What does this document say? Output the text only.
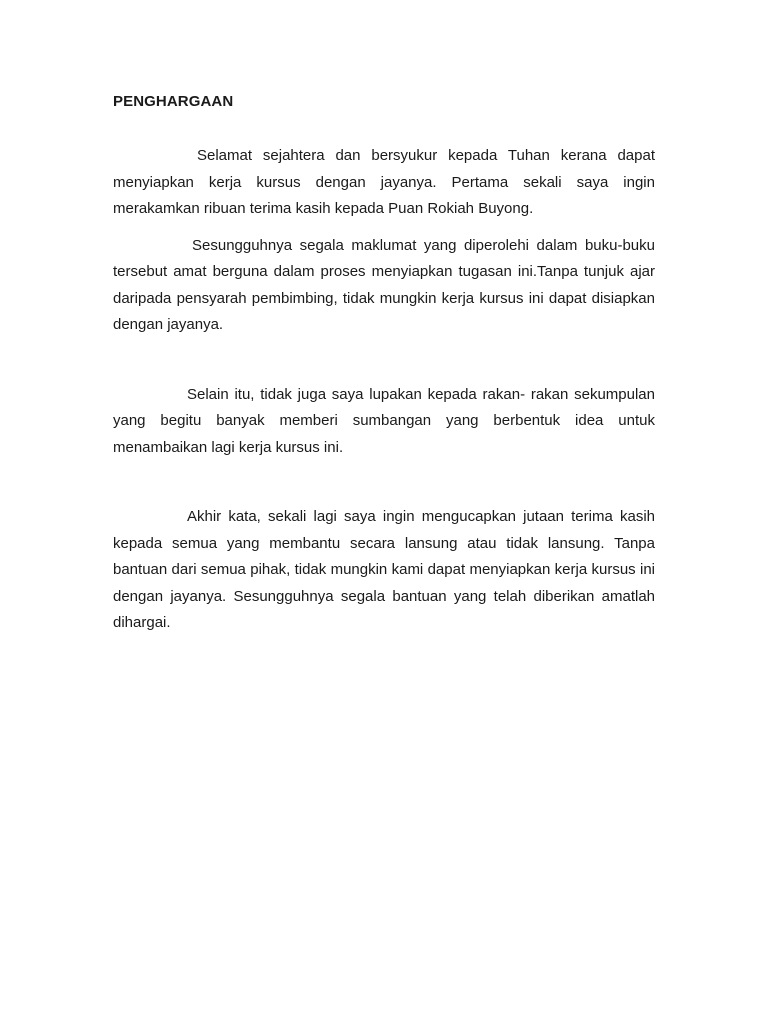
PENGHARGAAN

Selamat sejahtera dan bersyukur kepada Tuhan kerana dapat menyiapkan kerja kursus dengan jayanya. Pertama sekali saya ingin merakamkan ribuan terima kasih kepada Puan Rokiah Buyong.

Sesungguhnya segala maklumat yang diperolehi dalam buku-buku tersebut amat berguna dalam proses menyiapkan tugasan ini.Tanpa tunjuk ajar daripada pensyarah pembimbing, tidak mungkin kerja kursus ini dapat disiapkan dengan jayanya.

Selain itu, tidak juga saya lupakan kepada rakan- rakan sekumpulan yang begitu banyak memberi sumbangan yang berbentuk idea untuk menambaikan lagi kerja kursus ini.

Akhir kata, sekali lagi saya ingin mengucapkan jutaan terima kasih kepada semua yang membantu secara lansung atau tidak lansung. Tanpa bantuan dari semua pihak, tidak mungkin kami dapat menyiapkan kerja kursus ini dengan jayanya. Sesungguhnya segala bantuan yang telah diberikan amatlah dihargai.
